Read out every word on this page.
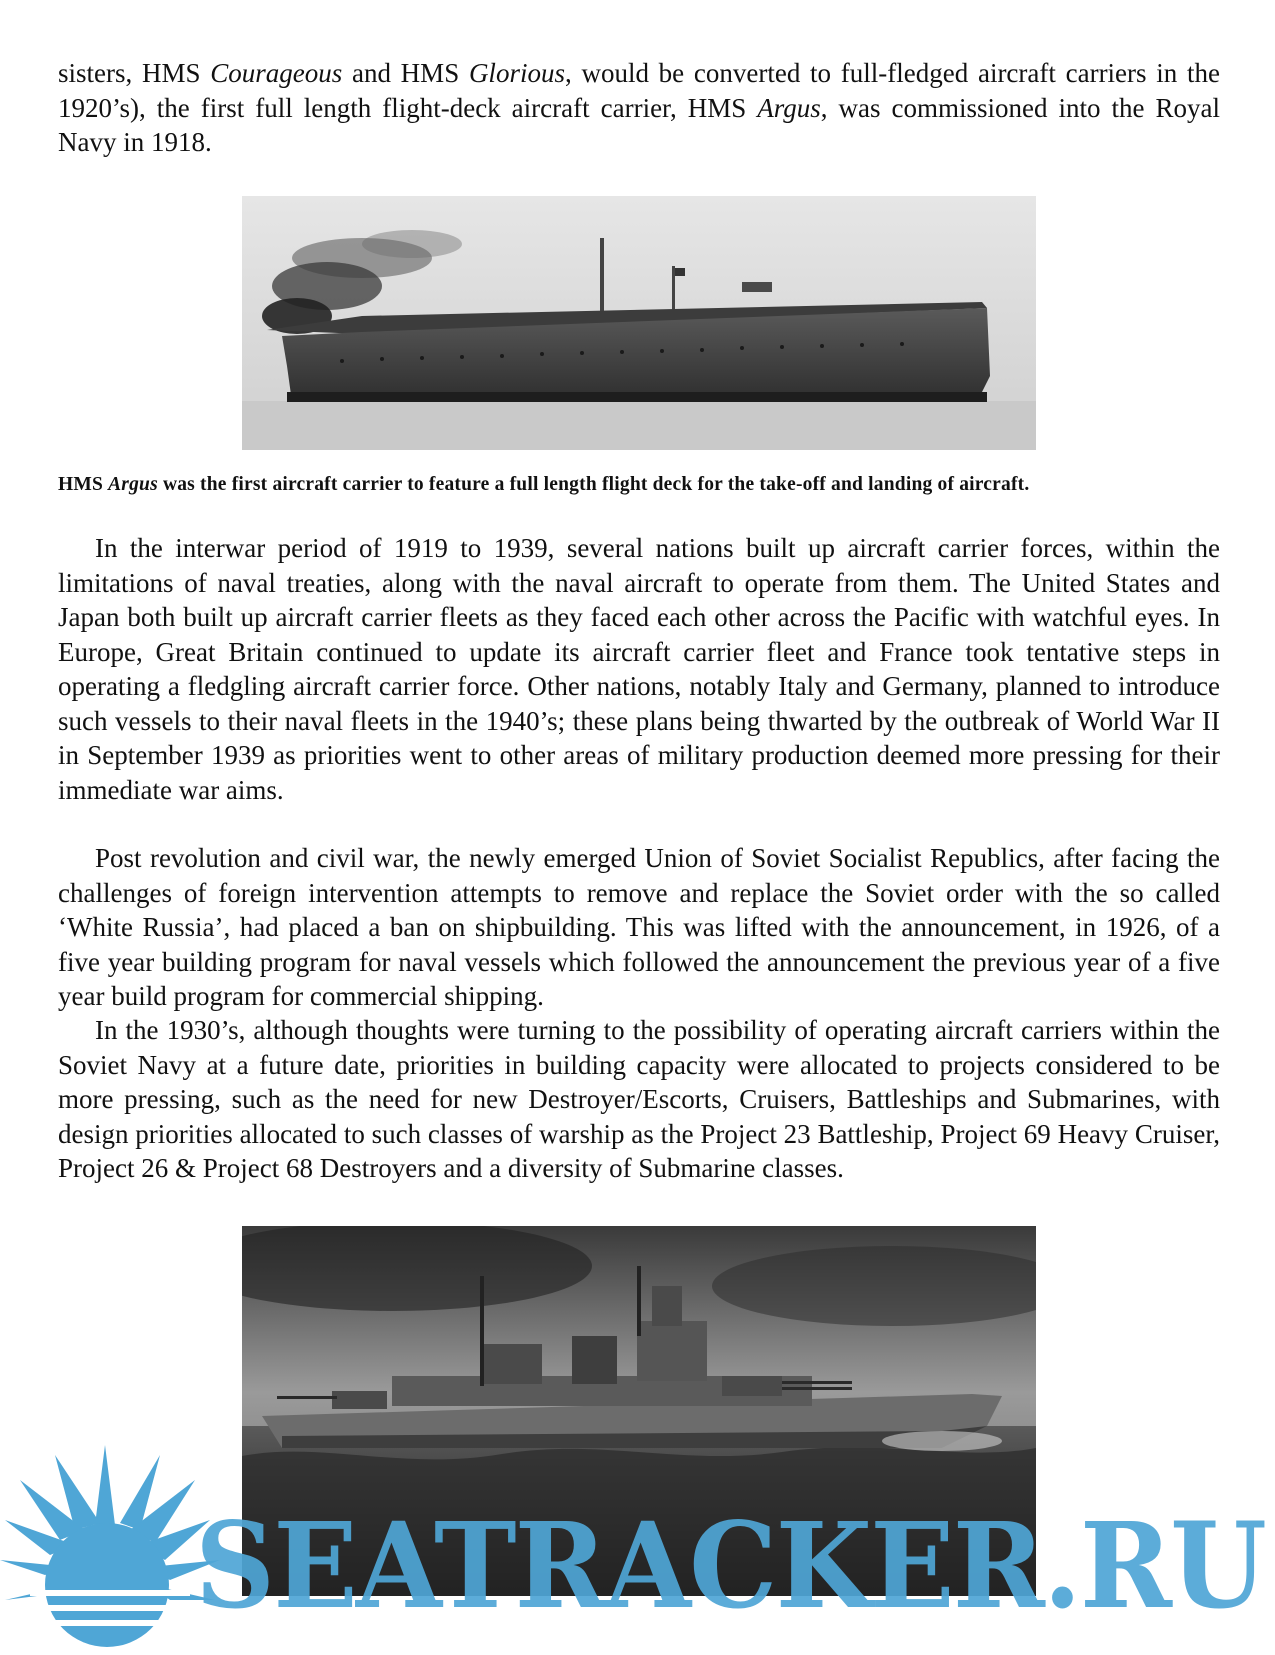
sisters, HMS Courageous and HMS Glorious, would be converted to full-fledged aircraft carriers in the 1920’s), the first full length flight-deck aircraft carrier, HMS Argus, was commissioned into the Royal Navy in 1918.

HMS Argus was the first aircraft carrier to feature a full length flight deck for the take-off and landing of aircraft.

In the interwar period of 1919 to 1939, several nations built up aircraft carrier forces, within the limitations of naval treaties, along with the naval aircraft to operate from them. The United States and Japan both built up aircraft carrier fleets as they faced each other across the Pacific with watchful eyes. In Europe, Great Britain continued to update its aircraft carrier fleet and France took tentative steps in operating a fledgling aircraft carrier force. Other nations, notably Italy and Germany, planned to introduce such vessels to their naval fleets in the 1940’s; these plans being thwarted by the outbreak of World War II in September 1939 as priorities went to other areas of military production deemed more pressing for their immediate war aims.

Post revolution and civil war, the newly emerged Union of Soviet Socialist Republics, after facing the challenges of foreign intervention attempts to remove and replace the Soviet order with the so called ‘White Russia’, had placed a ban on shipbuilding. This was lifted with the announcement, in 1926, of a five year building program for naval vessels which followed the announcement the previous year of a five year build program for commercial shipping.

In the 1930’s, although thoughts were turning to the possibility of operating aircraft carriers within the Soviet Navy at a future date, priorities in building capacity were allocated to projects considered to be more pressing, such as the need for new Destroyer/Escorts, Cruisers, Battleships and Submarines, with design priorities allocated to such classes of warship as the Project 23 Battleship, Project 69 Heavy Cruiser, Project 26 & Project 68 Destroyers and a diversity of Submarine classes.

SEATRACKER.RU
